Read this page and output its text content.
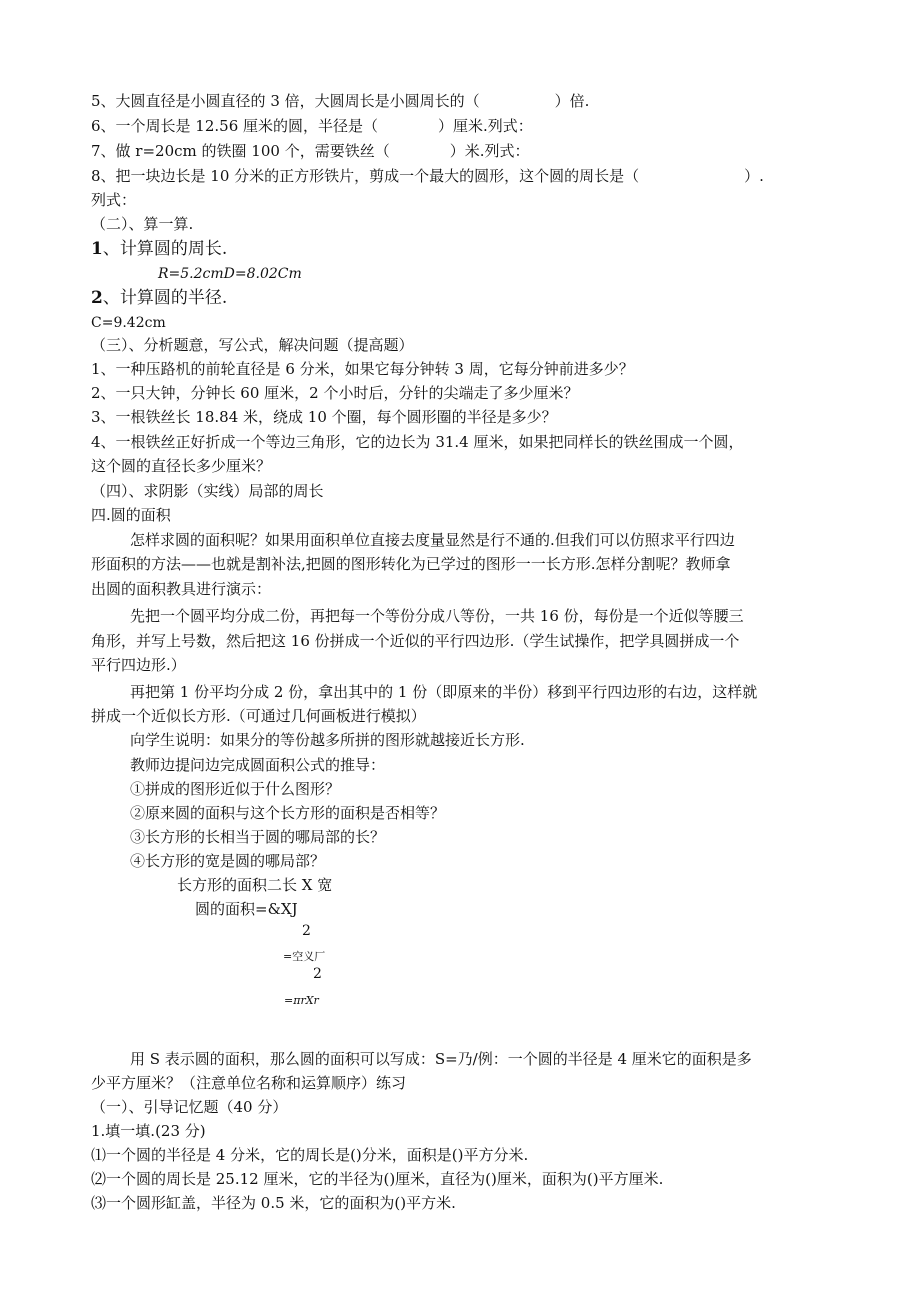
5、大圆直径是小圆直径的 3 倍，大圆周长是小圆周长的（　　　　　）倍.
6、一个周长是 12.56 厘米的圆，半径是（　　　　）厘米.列式：
7、做 r=20cm 的铁圈 100 个，需要铁丝（　　　　）米.列式：
8、把一块边长是 10 分米的正方形铁片，剪成一个最大的圆形，这个圆的周长是（　　　　　　　）.
列式：
（二）、算一算.
1、计算圆的周长.
R=5.2cmD=8.02Cm
2、计算圆的半径.
C=9.42cm
（三）、分析题意，写公式，解决问题（提高题）
1、一种压路机的前轮直径是 6 分米，如果它每分钟转 3 周，它每分钟前进多少？
2、一只大钟，分钟长 60 厘米，2 个小时后，分针的尖端走了多少厘米？
3、一根铁丝长 18.84 米，绕成 10 个圈，每个圆形圈的半径是多少？
4、一根铁丝正好折成一个等边三角形，它的边长为 31.4 厘米，如果把同样长的铁丝围成一个圆，
这个圆的直径长多少厘米？
（四）、求阴影（实线）局部的周长
四.圆的面积
怎样求圆的面积呢？如果用面积单位直接去度量显然是行不通的.但我们可以仿照求平行四边
形面积的方法——也就是割补法,把圆的图形转化为已学过的图形一一长方形.怎样分割呢？教师拿
出圆的面积教具进行演示：
先把一个圆平均分成二份，再把每一个等份分成八等份，一共 16 份，每份是一个近似等腰三
角形，并写上号数，然后把这 16 份拼成一个近似的平行四边形.（学生试操作，把学具圆拼成一个
平行四边形.）
再把第 1 份平均分成 2 份，拿出其中的 1 份（即原来的半份）移到平行四边形的右边，这样就
拼成一个近似长方形.（可通过几何画板进行模拟）
向学生说明：如果分的等份越多所拼的图形就越接近长方形.
教师边提问边完成圆面积公式的推导：
①拼成的图形近似于什么图形？
②原来圆的面积与这个长方形的面积是否相等？
③长方形的长相当于圆的哪局部的长？
④长方形的宽是圆的哪局部？
长方形的面积二长 X 宽
圆的面积=&XJ
2
=空义厂
2
=πrXr
用 S 表示圆的面积，那么圆的面积可以写成：S=乃/例：一个圆的半径是 4 厘米它的面积是多
少平方厘米？（注意单位名称和运算顺序）练习
（一）、引导记忆题（40 分）
1.填一填.(23 分)
⑴一个圆的半径是 4 分米，它的周长是()分米，面积是()平方分米.
⑵一个圆的周长是 25.12 厘米，它的半径为()厘米，直径为()厘米，面积为()平方厘米.
⑶一个圆形缸盖，半径为 0.5 米，它的面积为()平方米.
